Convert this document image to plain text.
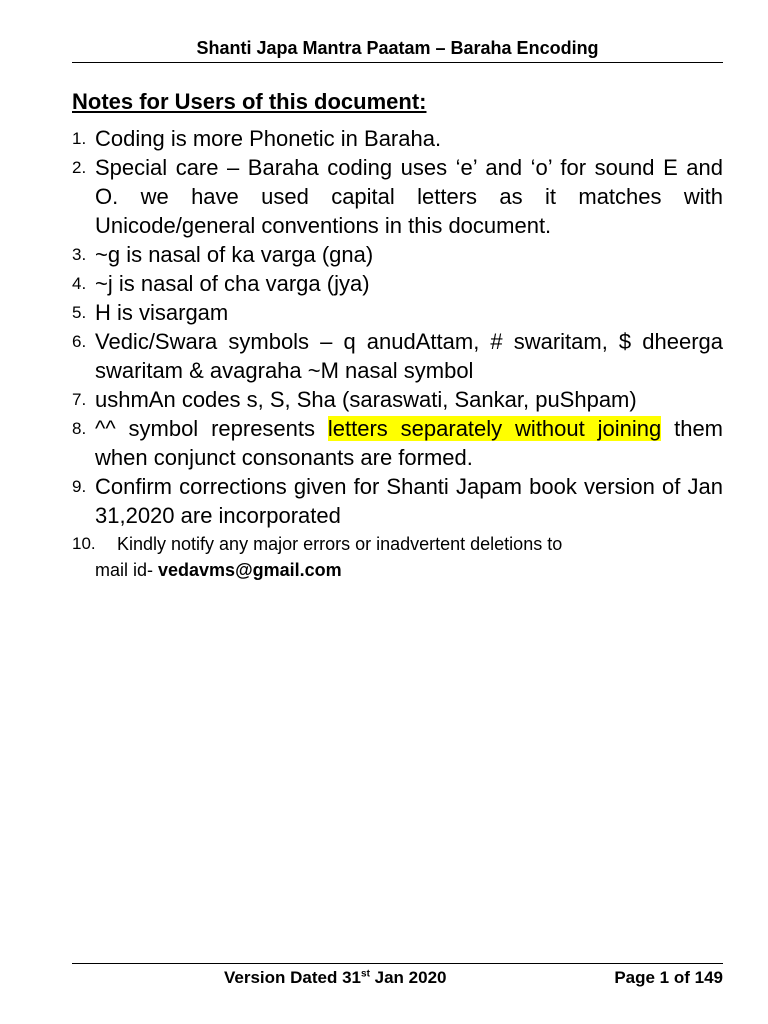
Shanti Japa Mantra Paatam – Baraha Encoding
Notes for Users of this document:
1. Coding is more Phonetic in Baraha.
2. Special care – Baraha coding uses ‘e’ and ‘o’ for sound E and O. we have used capital letters as it matches with Unicode/general conventions in this document.
3. ~g is nasal of ka varga (gna)
4. ~j is nasal of cha varga (jya)
5. H is visargam
6. Vedic/Swara symbols – q anudAttam, # swaritam, $ dheerga swaritam & avagraha ~M nasal symbol
7. ushmAn codes s, S, Sha (saraswati, Sankar, puShpam)
8. ^^ symbol represents letters separately without joining them when conjunct consonants are formed.
9. Confirm corrections given for Shanti Japam book version of Jan 31,2020 are incorporated
10. Kindly notify any major errors or inadvertent deletions to
mail id- vedavms@gmail.com
Version Dated 31st Jan 2020	Page 1 of 149
